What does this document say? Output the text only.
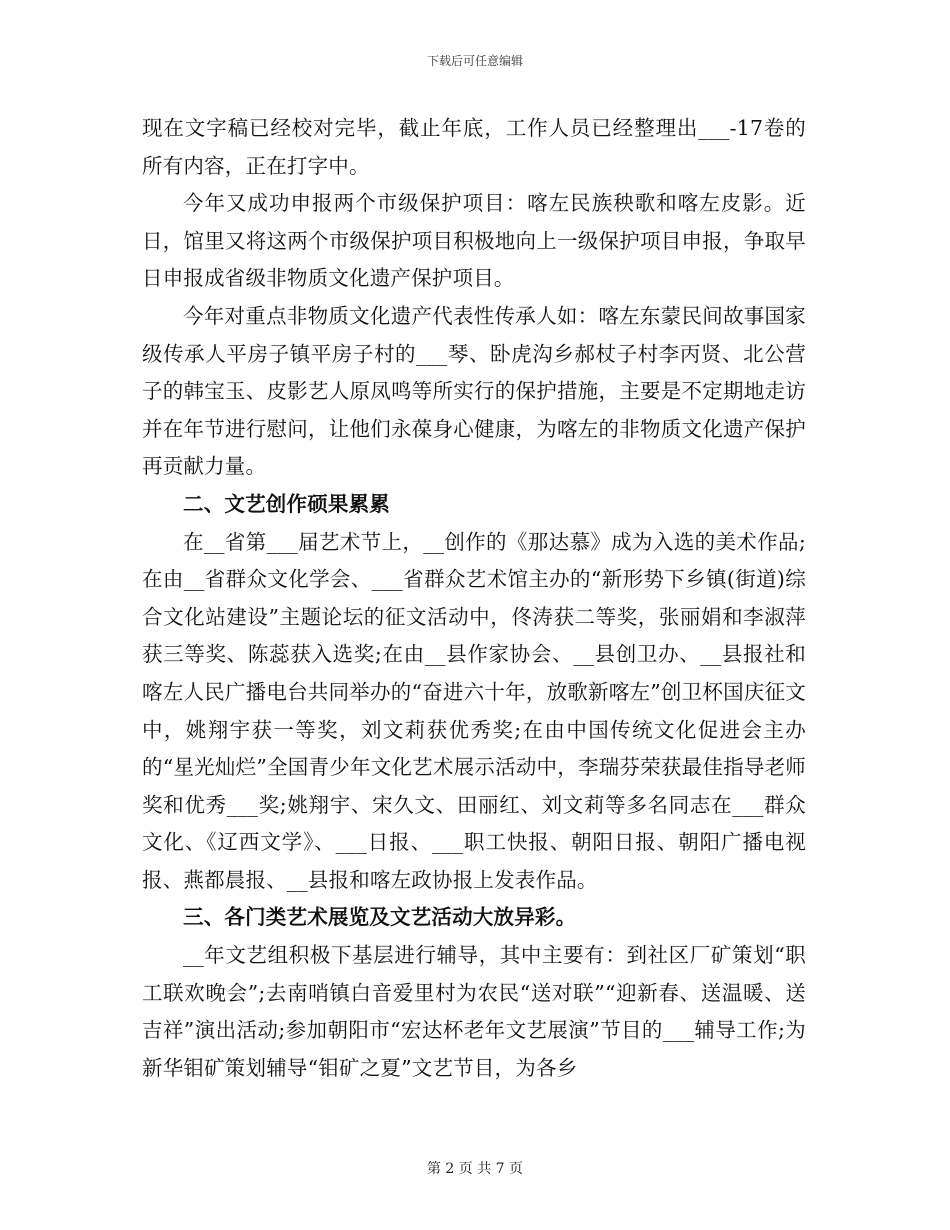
下载后可任意编辑

现在文字稿已经校对完毕，截止年底，工作人员已经整理出___-17卷的所有内容，正在打字中。

今年又成功申报两个市级保护项目：喀左民族秧歌和喀左皮影。近日，馆里又将这两个市级保护项目积极地向上一级保护项目申报，争取早日申报成省级非物质文化遗产保护项目。

今年对重点非物质文化遗产代表性传承人如：喀左东蒙民间故事国家级传承人平房子镇平房子村的___琴、卧虎沟乡郝杖子村李丙贤、北公营子的韩宝玉、皮影艺人原凤鸣等所实行的保护措施，主要是不定期地走访并在年节进行慰问，让他们永葆身心健康，为喀左的非物质文化遗产保护再贡献力量。

二、文艺创作硕果累累

在__省第___届艺术节上，__创作的《那达慕》成为入选的美术作品;在由__省群众文化学会、___省群众艺术馆主办的“新形势下乡镇(街道)综合文化站建设”主题论坛的征文活动中，佟涛获二等奖，张丽娟和李淑萍获三等奖、陈蕊获入选奖;在由__县作家协会、__县创卫办、__县报社和喀左人民广播电台共同举办的“奋进六十年，放歌新喀左”创卫杯国庆征文中，姚翔宇获一等奖，刘文莉获优秀奖;在由中国传统文化促进会主办的“星光灿烂”全国青少年文化艺术展示活动中，李瑞芬荣获最佳指导老师奖和优秀___奖;姚翔宇、宋久文、田丽红、刘文莉等多名同志在___群众文化、《辽西文学》、___日报、___职工快报、朝阳日报、朝阳广播电视报、燕都晨报、__县报和喀左政协报上发表作品。

三、各门类艺术展览及文艺活动大放异彩。

__年文艺组积极下基层进行辅导，其中主要有：到社区厂矿策划“职工联欢晚会”;去南哨镇白音爱里村为农民“送对联”“迎新春、送温暖、送吉祥”演出活动;参加朝阳市“宏达杯老年文艺展演”节目的___辅导工作;为新华钼矿策划辅导“钼矿之夏”文艺节目，为各乡

第 2 页 共 7 页
